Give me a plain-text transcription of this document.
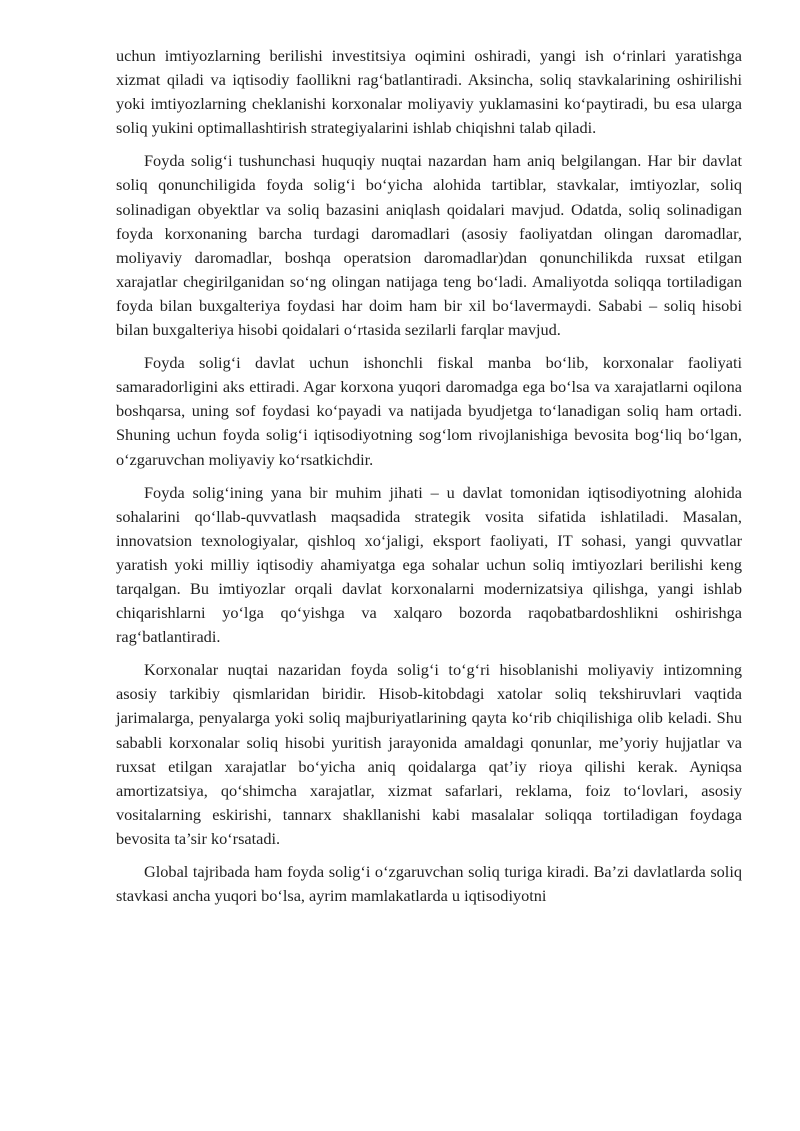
uchun imtiyozlarning berilishi investitsiya oqimini oshiradi, yangi ish o‘rinlari yaratishga xizmat qiladi va iqtisodiy faollikni rag‘batlantiradi. Aksincha, soliq stavkalarining oshirilishi yoki imtiyozlarning cheklanishi korxonalar moliyaviy yuklamasini ko‘paytiradi, bu esa ularga soliq yukini optimallashtirish strategiyalarini ishlab chiqishni talab qiladi.

Foyda solig‘i tushunchasi huquqiy nuqtai nazardan ham aniq belgilangan. Har bir davlat soliq qonunchiligida foyda solig‘i bo‘yicha alohida tartiblar, stavkalar, imtiyozlar, soliq solinadigan obyektlar va soliq bazasini aniqlash qoidalari mavjud. Odatda, soliq solinadigan foyda korxonaning barcha turdagi daromadlari (asosiy faoliyatdan olingan daromadlar, moliyaviy daromadlar, boshqa operatsion daromadlar)dan qonunchilikda ruxsat etilgan xarajatlar chegirilganidan so‘ng olingan natijaga teng bo‘ladi. Amaliyotda soliqqa tortiladigan foyda bilan buxgalteriya foydasi har doim ham bir xil bo‘lavermaydi. Sababi – soliq hisobi bilan buxgalteriya hisobi qoidalari o‘rtasida sezilarli farqlar mavjud.

Foyda solig‘i davlat uchun ishonchli fiskal manba bo‘lib, korxonalar faoliyati samaradorligini aks ettiradi. Agar korxona yuqori daromadga ega bo‘lsa va xarajatlarni oqilona boshqarsa, uning sof foydasi ko‘payadi va natijada byudjetga to‘lanadigan soliq ham ortadi. Shuning uchun foyda solig‘i iqtisodiyotning sog‘lom rivojlanishiga bevosita bog‘liq bo‘lgan, o‘zgaruvchan moliyaviy ko‘rsatkichdir.

Foyda solig‘ining yana bir muhim jihati – u davlat tomonidan iqtisodiyotning alohida sohalarini qo‘llab-quvvatlash maqsadida strategik vosita sifatida ishlatiladi. Masalan, innovatsion texnologiyalar, qishloq xo‘jaligi, eksport faoliyati, IT sohasi, yangi quvvatlar yaratish yoki milliy iqtisodiy ahamiyatga ega sohalar uchun soliq imtiyozlari berilishi keng tarqalgan. Bu imtiyozlar orqali davlat korxonalarni modernizatsiya qilishga, yangi ishlab chiqarishlarni yo‘lga qo‘yishga va xalqaro bozorda raqobatbardoshlikni oshirishga rag‘batlantiradi.

Korxonalar nuqtai nazaridan foyda solig‘i to‘g‘ri hisoblanishi moliyaviy intizomning asosiy tarkibiy qismlaridan biridir. Hisob-kitobdagi xatolar soliq tekshiruvlari vaqtida jarimalarga, penyalarga yoki soliq majburiyatlarining qayta ko‘rib chiqilishiga olib keladi. Shu sababli korxonalar soliq hisobi yuritish jarayonida amaldagi qonunlar, me’yoriy hujjatlar va ruxsat etilgan xarajatlar bo‘yicha aniq qoidalarga qat’iy rioya qilishi kerak. Ayniqsa amortizatsiya, qo‘shimcha xarajatlar, xizmat safarlari, reklama, foiz to‘lovlari, asosiy vositalarning eskirishi, tannarx shakllanishi kabi masalalar soliqqa tortiladigan foydaga bevosita ta’sir ko‘rsatadi.

Global tajribada ham foyda solig‘i o‘zgaruvchan soliq turiga kiradi. Ba’zi davlatlarda soliq stavkasi ancha yuqori bo‘lsa, ayrim mamlakatlarda u iqtisodiyotni
